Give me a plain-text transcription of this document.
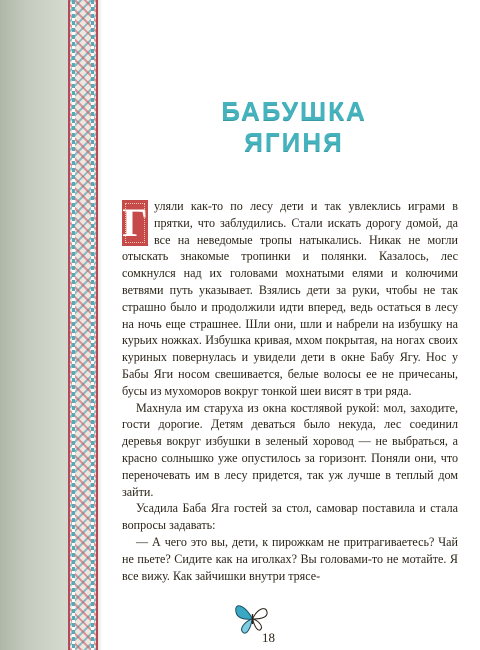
БАБУШКА
ЯГИНЯ

Г уляли как-то по лесу дети и так увлеклись играми в прятки, что заблудились. Стали искать дорогу домой, да все на неведомые тропы натыкались. Никак не могли отыскать знакомые тропинки и полянки. Казалось, лес сомкнулся над их головами мохнатыми елями и колючими ветвями путь указывает. Взялись дети за руки, чтобы не так страшно было и продолжили идти вперед, ведь остаться в лесу на ночь еще страшнее. Шли они, шли и набрели на избушку на курьих ножках. Избушка кривая, мхом покрытая, на ногах своих куриных повернулась и увидели дети в окне Бабу Ягу. Нос у Бабы Яги носом свешивается, белые волосы ее не причесаны, бусы из мухоморов вокруг тонкой шеи висят в три ряда.

Махнула им старуха из окна костлявой рукой: мол, заходите, гости дорогие. Детям деваться было некуда, лес соединил деревья вокруг избушки в зеленый хоровод — не выбраться, а красно солнышко уже опустилось за горизонт. Поняли они, что переночевать им в лесу придется, так уж лучше в теплый дом зайти.

Усадила Баба Яга гостей за стол, самовар поставила и стала вопросы задавать:

— А чего это вы, дети, к пирожкам не притрагиваетесь? Чай не пьете? Сидите как на иголках? Вы головами-то не мотайте. Я все вижу. Как зайчишки внутри трясе-

18
